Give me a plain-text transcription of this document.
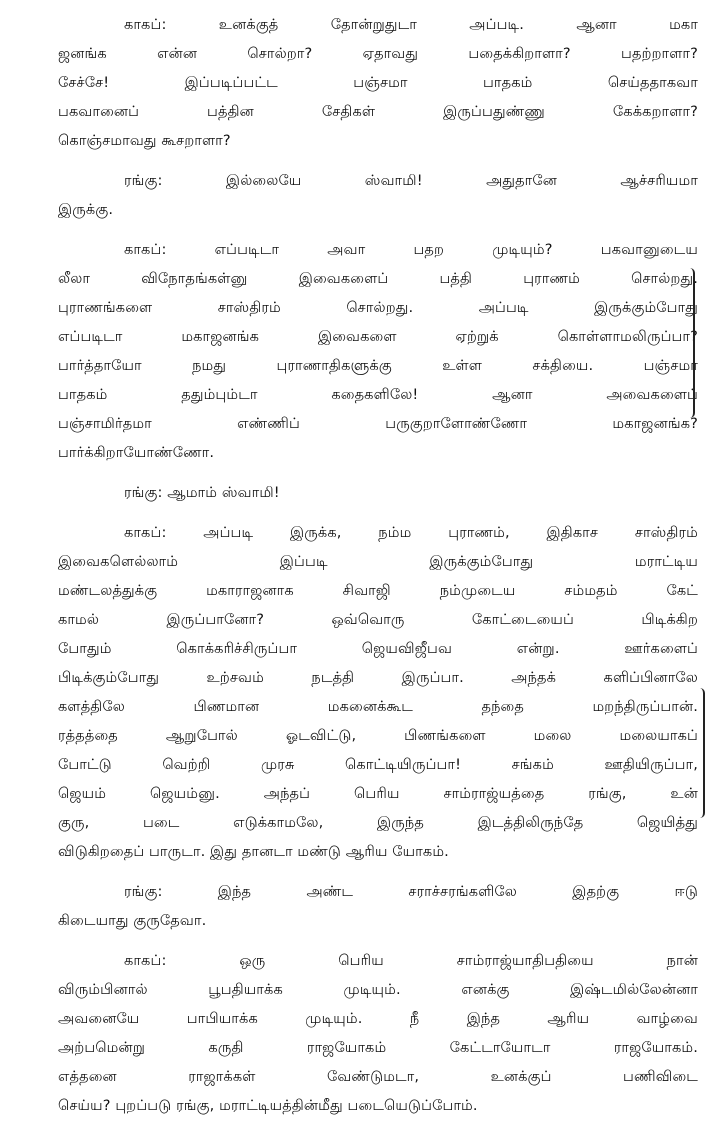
காகப்: உனக்குத் தோன்றுதுடா அப்படி. ஆனா மகா
ஜனங்க என்ன சொல்றா? ஏதாவது பதைக்கிறாளா? பதற்றாளா?
சேச்சே! இப்படிப்பட்ட பஞ்சமா பாதகம் செய்ததாகவா
பகவானைப் பத்தின சேதிகள் இருப்பதுண்ணு கேக்கறாளா?
கொஞ்சமாவது கூசறாளா?
ரங்கு: இல்லையே ஸ்வாமி! அதுதானே ஆச்சரியமா
இருக்கு.
காகப்: எப்படிடா அவா பதற முடியும்? பகவானுடைய
லீலா விநோதங்கள்னு இவைகளைப் பத்தி புராணம் சொல்றது.
புராணங்களை சாஸ்திரம் சொல்றது. அப்படி இருக்கும்போது
எப்படிடா மகாஜனங்க இவைகளை ஏற்றுக் கொள்ளாமலிருப்பா?
பார்த்தாயோ நமது புராணாதிகளுக்கு உள்ள சக்தியை. பஞ்சமா
பாதகம் ததும்பும்டா கதைகளிலே! ஆனா அவைகளைப்
பஞ்சாமிர்தமா எண்ணிப் பருகுறாளோண்ணோ மகாஜனங்க?
பார்க்கிறாயோண்ணோ.
ரங்கு: ஆமாம் ஸ்வாமி!
காகப்: அப்படி இருக்க, நம்ம புராணம், இதிகாச சாஸ்திரம்
இவைகளெல்லாம் இப்படி இருக்கும்போது மராட்டிய
மண்டலத்துக்கு மகாராஜனாக சிவாஜி நம்முடைய சம்மதம் கேட்
காமல் இருப்பானோ? ஒவ்வொரு கோட்டையைப் பிடிக்கிற
போதும் கொக்கரிச்சிருப்பா ஜெயவிஜீபவ என்று. ஊர்களைப்
பிடிக்கும்போது உற்சவம் நடத்தி இருப்பா. அந்தக் களிப்பினாலே
களத்திலே பிணமான மகனைக்கூட தந்தை மறந்திருப்பான்.
ரத்தத்தை ஆறுபோல் ஓடவிட்டு, பிணங்களை மலை மலையாகப்
போட்டு வெற்றி முரசு கொட்டியிருப்பா! சங்கம் ஊதியிருப்பா,
ஜெயம் ஜெயம்னு. அந்தப் பெரிய சாம்ராஜ்யத்தை ரங்கு, உன்
குரு, படை எடுக்காமலே, இருந்த இடத்திலிருந்தே ஜெயித்து
விடுகிறதைப் பாருடா. இது தானடா மண்டு ஆரிய யோகம்.
ரங்கு: இந்த அண்ட சராச்சரங்களிலே இதற்கு ஈடு
கிடையாது குருதேவா.
காகப்: ஒரு பெரிய சாம்ராஜ்யாதிபதியை நான்
விரும்பினால் பூபதியாக்க முடியும். எனக்கு இஷ்டமில்லேன்னா
அவனையே பாபியாக்க முடியும். நீ இந்த ஆரிய வாழ்வை
அற்பமென்று கருதி ராஜயோகம் கேட்டாயோடா ராஜயோகம்.
எத்தனை ராஜாக்கள் வேண்டுமடா, உனக்குப் பணிவிடை
செய்ய? புறப்படு ரங்கு, மராட்டியத்தின்மீது படையெடுப்போம்.
